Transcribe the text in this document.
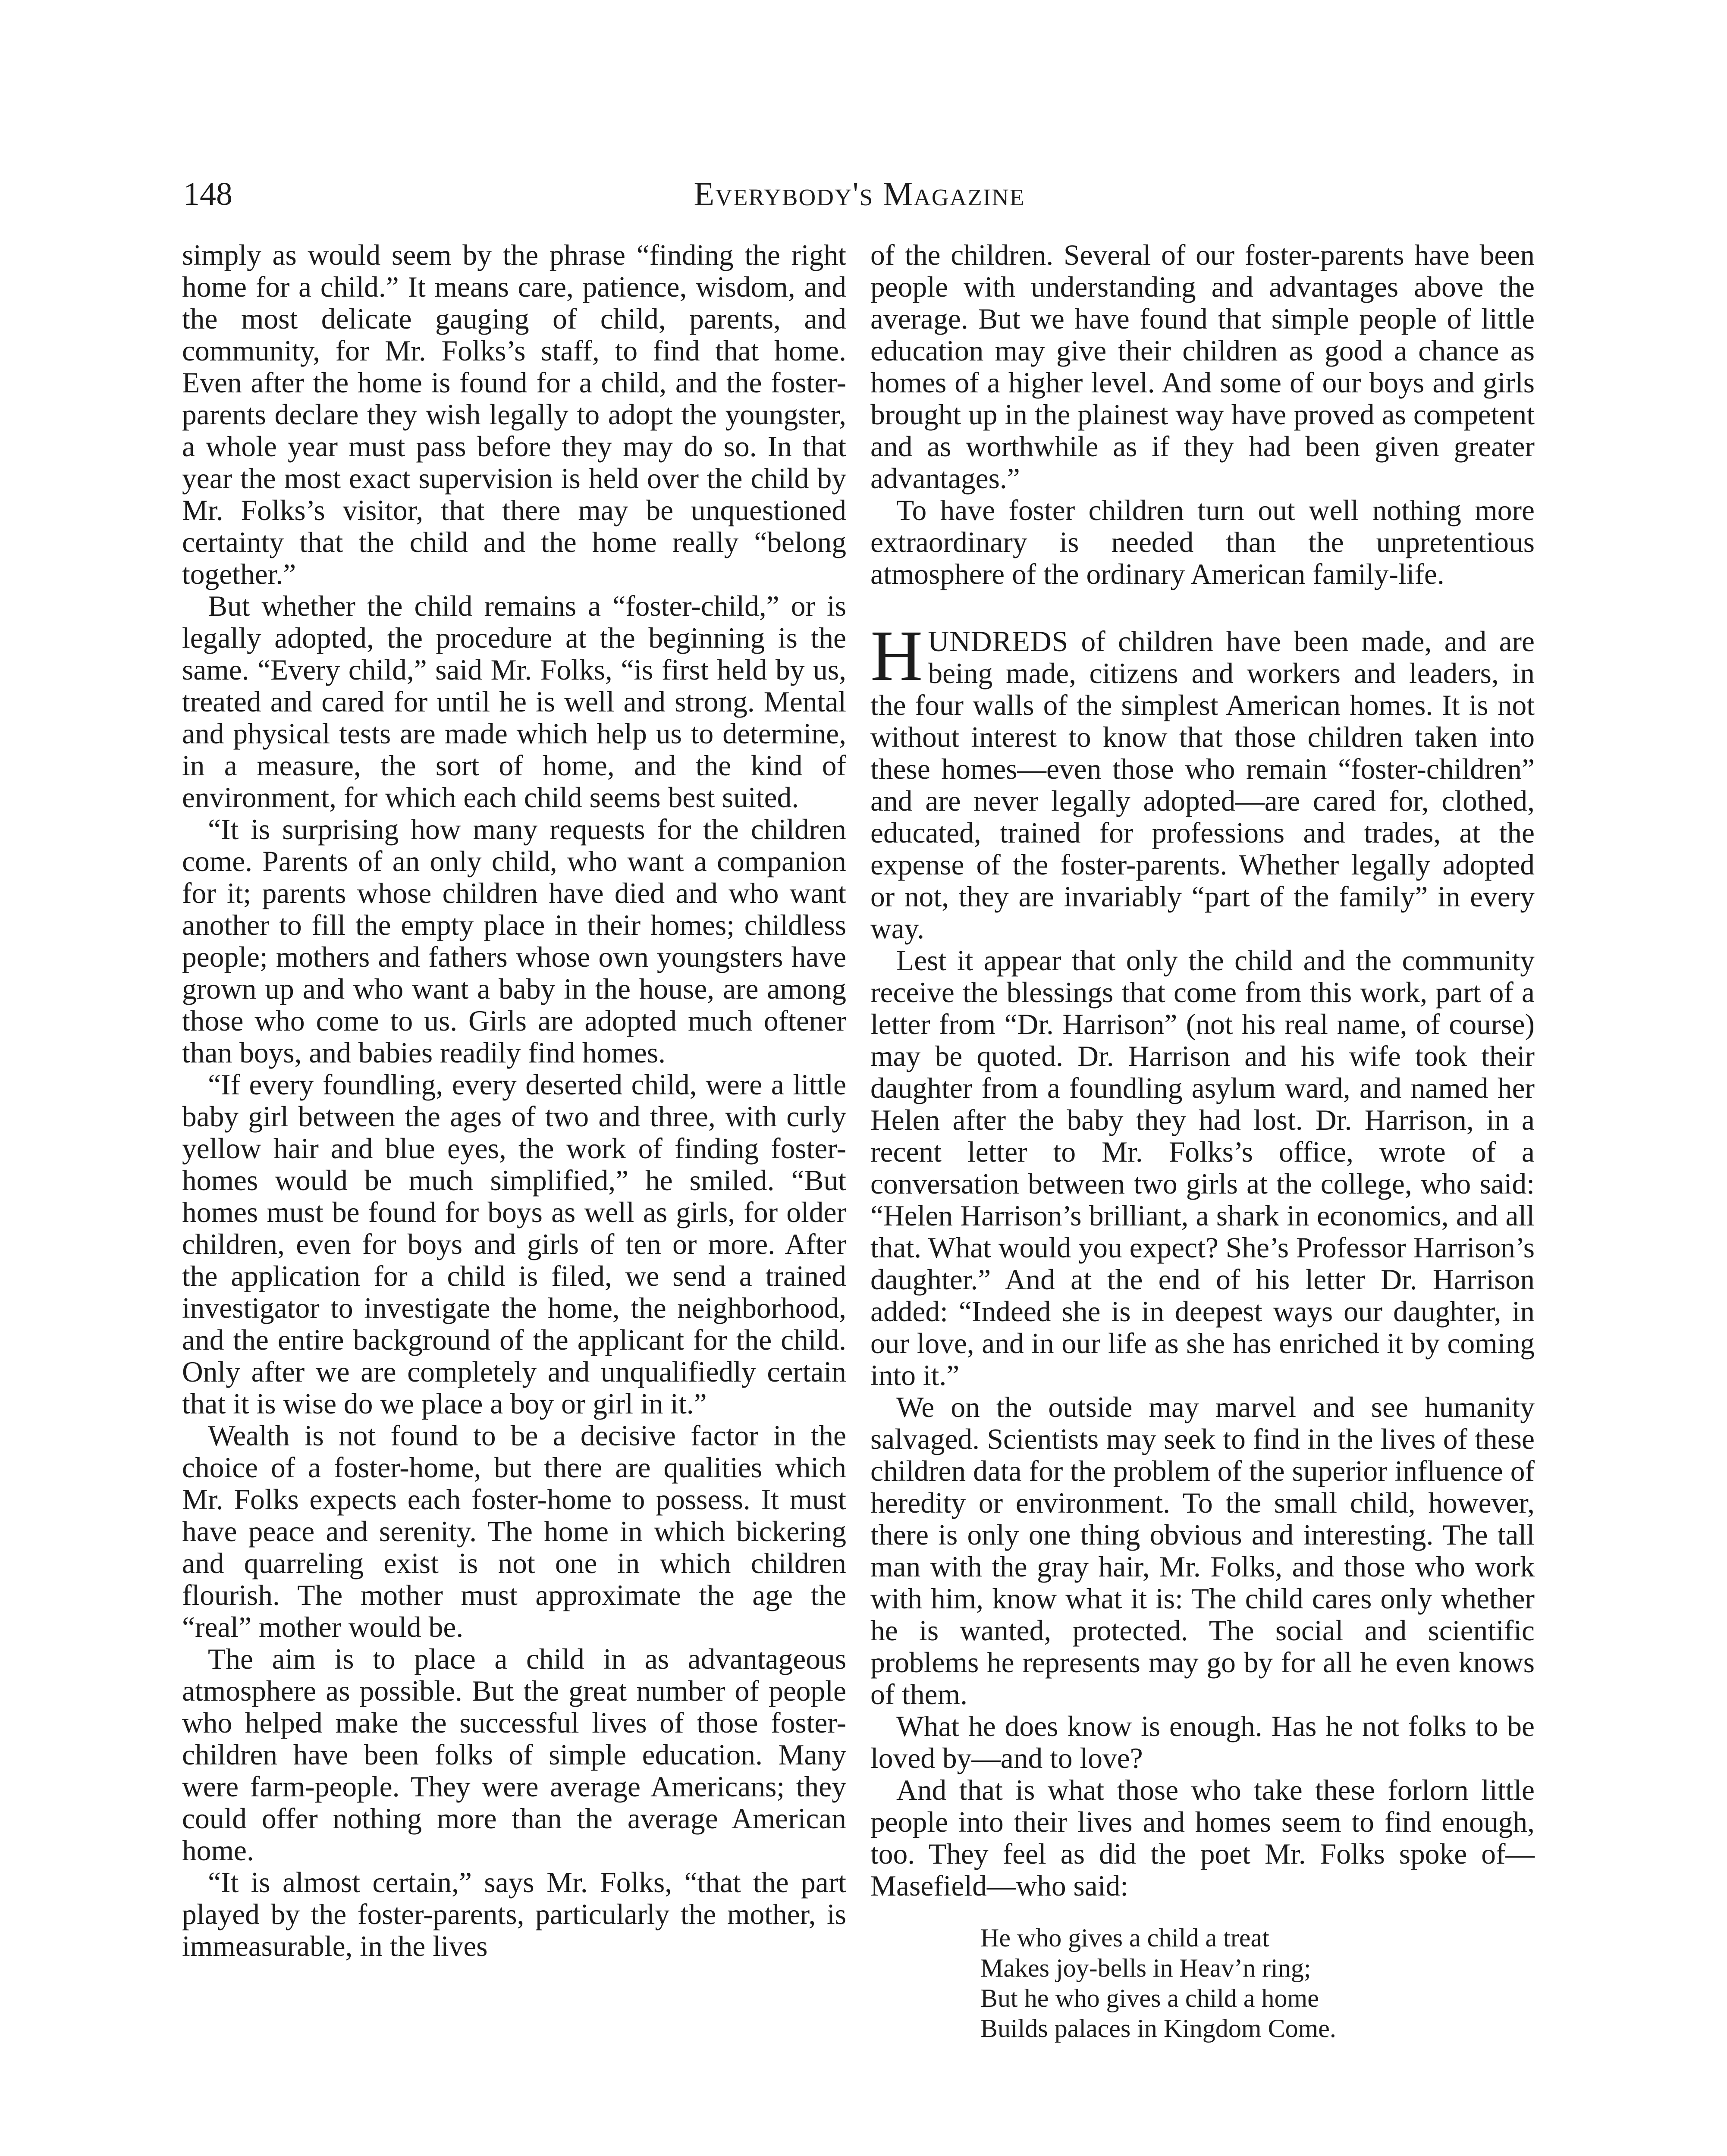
148	Everybody's Magazine

simply as would seem by the phrase “finding the right home for a child.” It means care, patience, wisdom, and the most delicate gauging of child, parents, and community, for Mr. Folks’s staff, to find that home. Even after the home is found for a child, and the foster-parents declare they wish legally to adopt the youngster, a whole year must pass before they may do so. In that year the most exact supervision is held over the child by Mr. Folks’s visitor, that there may be unquestioned certainty that the child and the home really “belong together.”

But whether the child remains a “foster-child,” or is legally adopted, the procedure at the beginning is the same. “Every child,” said Mr. Folks, “is first held by us, treated and cared for until he is well and strong. Mental and physical tests are made which help us to determine, in a measure, the sort of home, and the kind of environment, for which each child seems best suited.

“It is surprising how many requests for the children come. Parents of an only child, who want a companion for it; parents whose children have died and who want another to fill the empty place in their homes; childless people; mothers and fathers whose own youngsters have grown up and who want a baby in the house, are among those who come to us. Girls are adopted much oftener than boys, and babies readily find homes.

“If every foundling, every deserted child, were a little baby girl between the ages of two and three, with curly yellow hair and blue eyes, the work of finding foster-homes would be much simplified,” he smiled. “But homes must be found for boys as well as girls, for older children, even for boys and girls of ten or more. After the application for a child is filed, we send a trained investigator to investigate the home, the neighborhood, and the entire background of the applicant for the child. Only after we are completely and unqualifiedly certain that it is wise do we place a boy or girl in it.”

Wealth is not found to be a decisive factor in the choice of a foster-home, but there are qualities which Mr. Folks expects each foster-home to possess. It must have peace and serenity. The home in which bickering and quarreling exist is not one in which children flourish. The mother must approximate the age the “real” mother would be.

The aim is to place a child in as advantageous atmosphere as possible. But the great number of people who helped make the successful lives of those foster-children have been folks of simple education. Many were farm-people. They were average Americans; they could offer nothing more than the average American home.

“It is almost certain,” says Mr. Folks, “that the part played by the foster-parents, particularly the mother, is immeasurable, in the lives

of the children. Several of our foster-parents have been people with understanding and advantages above the average. But we have found that simple people of little education may give their children as good a chance as homes of a higher level. And some of our boys and girls brought up in the plainest way have proved as competent and as worthwhile as if they had been given greater advantages.”

To have foster children turn out well nothing more extraordinary is needed than the unpretentious atmosphere of the ordinary American family-life.

HUNDREDS of children have been made, and are being made, citizens and workers and leaders, in the four walls of the simplest American homes. It is not without interest to know that those children taken into these homes—even those who remain “foster-children” and are never legally adopted—are cared for, clothed, educated, trained for professions and trades, at the expense of the foster-parents. Whether legally adopted or not, they are invariably “part of the family” in every way.

Lest it appear that only the child and the community receive the blessings that come from this work, part of a letter from “Dr. Harrison” (not his real name, of course) may be quoted. Dr. Harrison and his wife took their daughter from a foundling asylum ward, and named her Helen after the baby they had lost. Dr. Harrison, in a recent letter to Mr. Folks’s office, wrote of a conversation between two girls at the college, who said: “Helen Harrison’s brilliant, a shark in economics, and all that. What would you expect? She’s Professor Harrison’s daughter.” And at the end of his letter Dr. Harrison added: “Indeed she is in deepest ways our daughter, in our love, and in our life as she has enriched it by coming into it.”

We on the outside may marvel and see humanity salvaged. Scientists may seek to find in the lives of these children data for the problem of the superior influence of heredity or environment. To the small child, however, there is only one thing obvious and interesting. The tall man with the gray hair, Mr. Folks, and those who work with him, know what it is: The child cares only whether he is wanted, protected. The social and scientific problems he represents may go by for all he even knows of them.

What he does know is enough. Has he not folks to be loved by—and to love?

And that is what those who take these forlorn little people into their lives and homes seem to find enough, too. They feel as did the poet Mr. Folks spoke of—Masefield—who said:

He who gives a child a treat
Makes joy-bells in Heav’n ring;
But he who gives a child a home
Builds palaces in Kingdom Come.
